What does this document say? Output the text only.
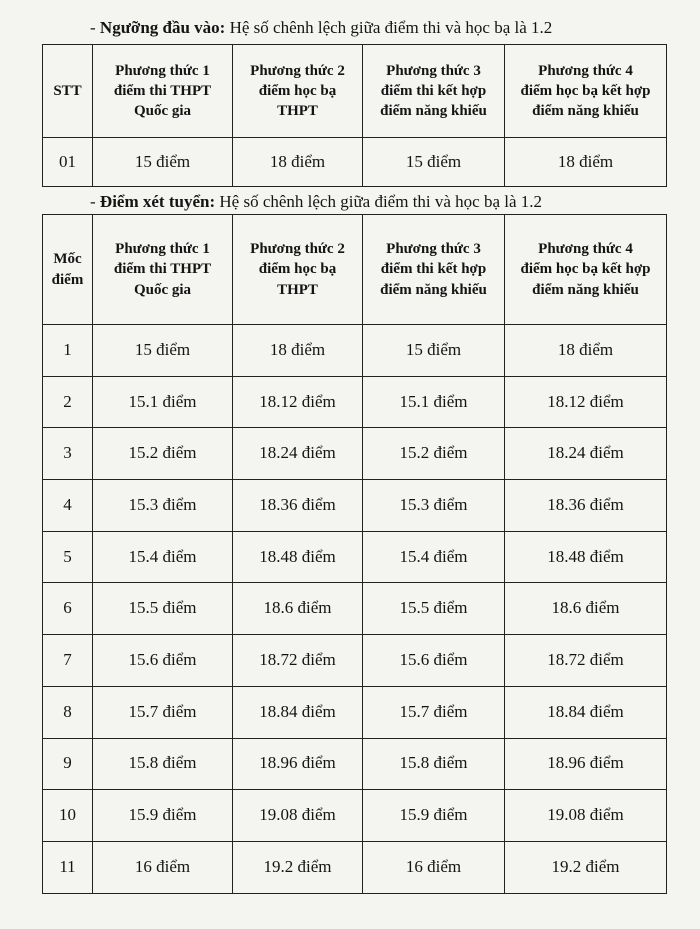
- Ngưỡng đầu vào: Hệ số chênh lệch giữa điểm thi và học bạ là 1.2
STT	Phương thức 1
điểm thi THPT
Quốc gia	Phương thức 2
điểm học bạ
THPT	Phương thức 3
điểm thi kết hợp
điểm năng khiếu	Phương thức 4
điểm học bạ kết hợp
điểm năng khiếu

01	15 điểm	18 điểm	15 điểm	18 điểm
- Điểm xét tuyển: Hệ số chênh lệch giữa điểm thi và học bạ là 1.2
Mốc
điểm	Phương thức 1
điểm thi THPT
Quốc gia	Phương thức 2
điểm học bạ
THPT	Phương thức 3
điểm thi kết hợp
điểm năng khiếu	Phương thức 4
điểm học bạ kết hợp
điểm năng khiếu

1	15 điểm	18 điểm	15 điểm	18 điểm
2	15.1 điểm	18.12 điểm	15.1 điểm	18.12 điểm
3	15.2 điểm	18.24 điểm	15.2 điểm	18.24 điểm
4	15.3 điểm	18.36 điểm	15.3 điểm	18.36 điểm
5	15.4 điểm	18.48 điểm	15.4 điểm	18.48 điểm
6	15.5 điểm	18.6 điểm	15.5 điểm	18.6 điểm
7	15.6 điểm	18.72 điểm	15.6 điểm	18.72 điểm
8	15.7 điểm	18.84 điểm	15.7 điểm	18.84 điểm
9	15.8 điểm	18.96 điểm	15.8 điểm	18.96 điểm
10	15.9 điểm	19.08 điểm	15.9 điểm	19.08 điểm
11	16 điểm	19.2 điểm	16 điểm	19.2 điểm
